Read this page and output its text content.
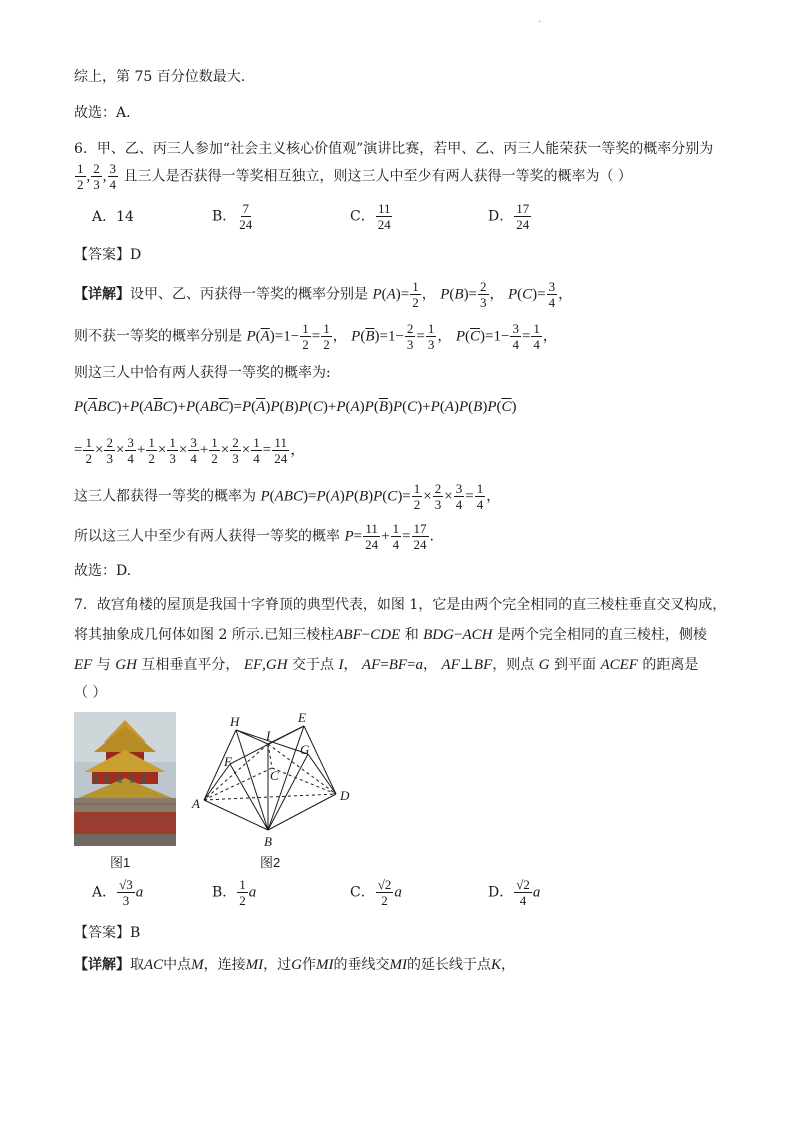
.
综上，第 75 百分位数最大.
故选：A.
6．甲、乙、丙三人参加“社会主义核心价值观”演讲比赛，若甲、乙、丙三人能荣获一等奖的概率分别为
$\frac{1}{2}$ , $\frac{2}{3}$ , $\frac{3}{4}$ 且三人是否获得一等奖相互独立，则这三人中至少有两人获得一等奖的概率为（ ）
A．14	B． $\frac{7}{24}$	C． $\frac{11}{24}$	D． $\frac{17}{24}$
【答案】D
【详解】设甲、乙、丙获得一等奖的概率分别是 $P(A)= \frac{1}{2}$ ， $P(B)= \frac{2}{3}$ ， $P(C)= \frac{3}{4}$ ，
则不获一等奖的概率分别是 $P(\overline{A})=1- \frac{1}{2} = \frac{1}{2}$ ， $P(\overline{B})=1- \frac{2}{3} = \frac{1}{3}$ ， $P(\overline{C})=1- \frac{3}{4} = \frac{1}{4}$ ，
则这三人中恰有两人获得一等奖的概率为:
$P(\overline{A}BC)+P(A\overline{B}C)+P(AB\overline{C})=P(\overline{A})P(B)P(C)+P(A)P(\overline{B})P(C)+P(A)P(B)P(\overline{C})$
= $\frac{1}{2} \times \frac{2}{3} \times \frac{3}{4} + \frac{1}{2} \times \frac{1}{3} \times \frac{3}{4} + \frac{1}{2} \times \frac{2}{3} \times \frac{1}{4} = \frac{11}{24}$ ，
这三人都获得一等奖的概率为 $P(ABC)=P(A)P(B)P(C)= \frac{1}{2} \times \frac{2}{3} \times \frac{3}{4} = \frac{1}{4}$ ，
所以这三人中至少有两人获得一等奖的概率 $P= \frac{11}{24} + \frac{1}{4} = \frac{17}{24}$ .
故选：D.
7．故宫角楼的屋顶是我国十字脊顶的典型代表，如图 1，它是由两个完全相同的直三棱柱垂直交叉构成，
将其抽象成几何体如图 2 所示.已知三棱柱ABF−CDE 和 BDG−ACH 是两个完全相同的直三棱柱，侧棱
EF 与 GH 互相垂直平分， EF,GH 交于点 I， AF=BF=a， AF⊥BF，则点 G 到平面 ACEF 的距离是
（ ）
图1
H	E
I
G
F
C
A
D
B
图2
A． $\frac{√3}{3}$ a	B． $\frac{1}{2}$ a	C． $\frac{√2}{2}$ a	D． $\frac{√2}{4}$ a
【答案】B
【详解】取AC中点M，连接MI，过G作MI的垂线交MI的延长线于点K，
